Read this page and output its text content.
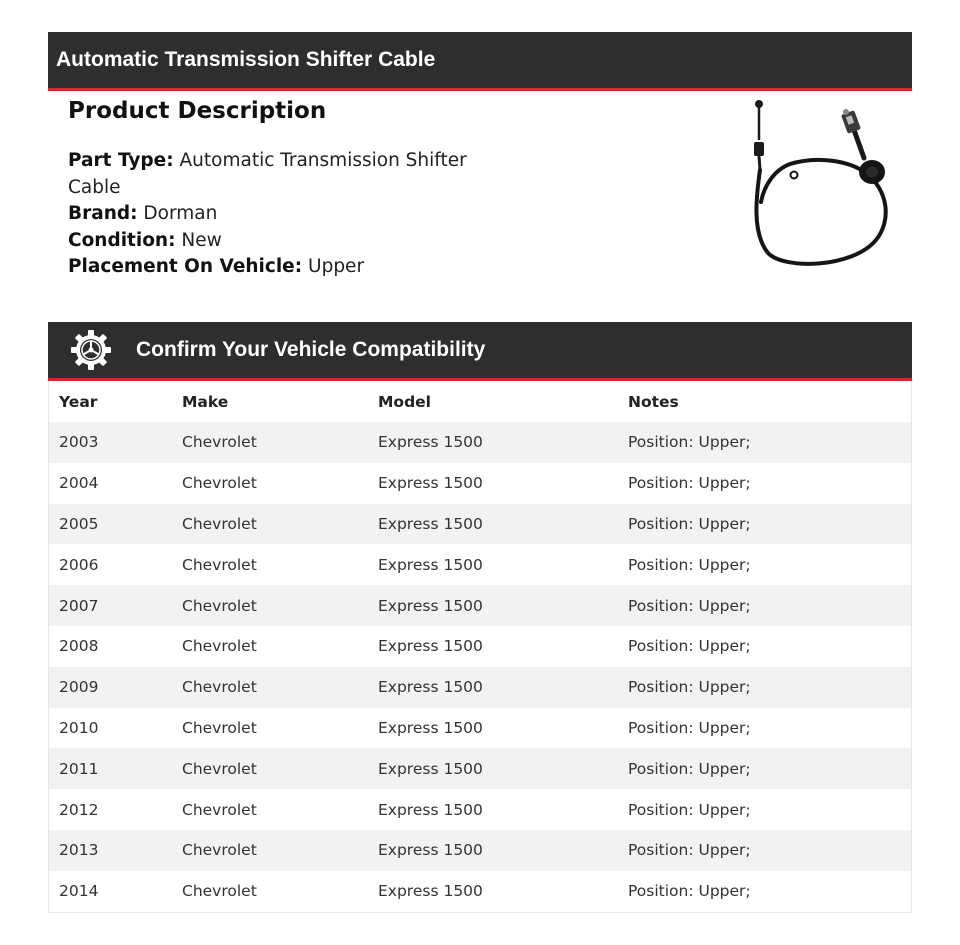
Automatic Transmission Shifter Cable
Product Description
Part Type: Automatic Transmission Shifter Cable
Brand: Dorman
Condition: New
Placement On Vehicle: Upper
Confirm Your Vehicle Compatibility
Year	Make	Model	Notes
2003	Chevrolet	Express 1500	Position: Upper;
2004	Chevrolet	Express 1500	Position: Upper;
2005	Chevrolet	Express 1500	Position: Upper;
2006	Chevrolet	Express 1500	Position: Upper;
2007	Chevrolet	Express 1500	Position: Upper;
2008	Chevrolet	Express 1500	Position: Upper;
2009	Chevrolet	Express 1500	Position: Upper;
2010	Chevrolet	Express 1500	Position: Upper;
2011	Chevrolet	Express 1500	Position: Upper;
2012	Chevrolet	Express 1500	Position: Upper;
2013	Chevrolet	Express 1500	Position: Upper;
2014	Chevrolet	Express 1500	Position: Upper;
